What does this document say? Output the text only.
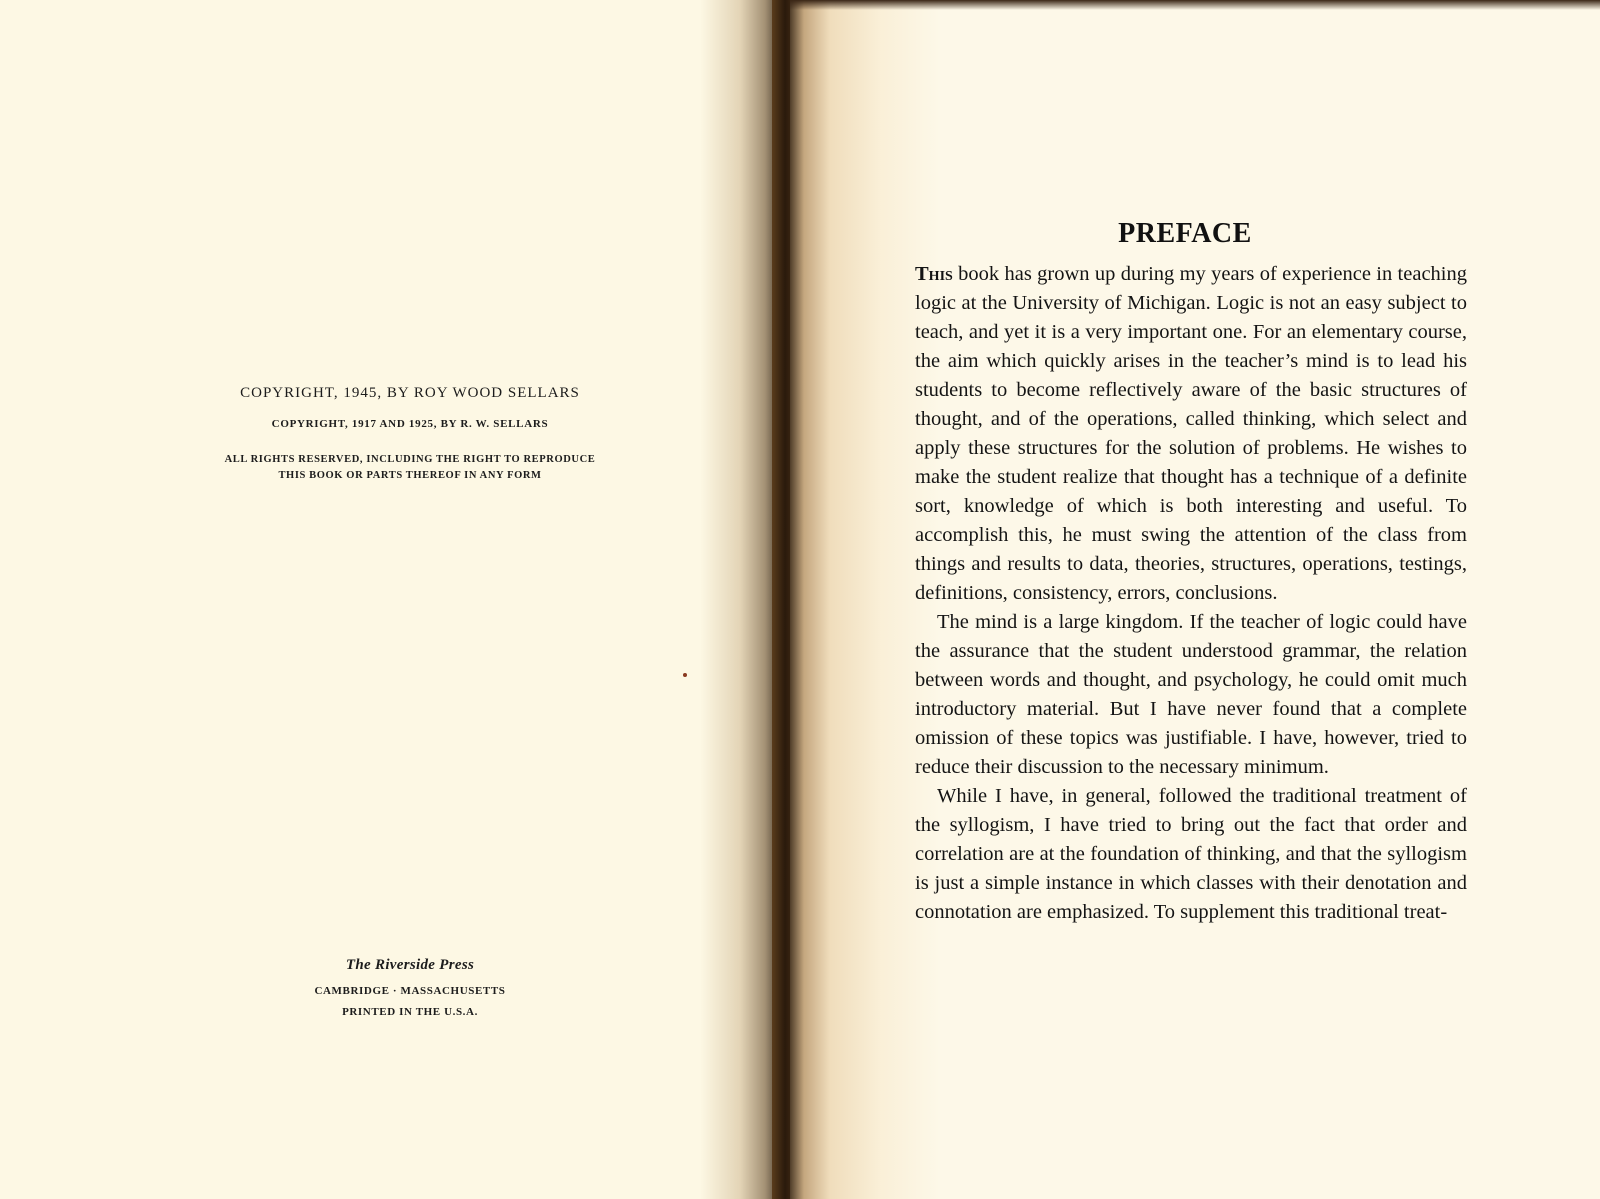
COPYRIGHT, 1945, BY ROY WOOD SELLARS
COPYRIGHT, 1917 AND 1925, BY R. W. SELLARS
ALL RIGHTS RESERVED, INCLUDING THE RIGHT TO REPRODUCE
THIS BOOK OR PARTS THEREOF IN ANY FORM
The Riverside Press
CAMBRIDGE · MASSACHUSETTS
PRINTED IN THE U.S.A.
PREFACE

This book has grown up during my years of experience in teaching logic at the University of Michigan. Logic is not an easy subject to teach, and yet it is a very important one. For an elementary course, the aim which quickly arises in the teacher’s mind is to lead his students to become reflectively aware of the basic structures of thought, and of the operations, called thinking, which select and apply these structures for the solution of problems. He wishes to make the student realize that thought has a technique of a definite sort, knowledge of which is both interesting and useful. To accomplish this, he must swing the attention of the class from things and results to data, theories, structures, operations, testings, definitions, consistency, errors, conclusions.

The mind is a large kingdom. If the teacher of logic could have the assurance that the student understood grammar, the relation between words and thought, and psychology, he could omit much introductory material. But I have never found that a complete omission of these topics was justifiable. I have, however, tried to reduce their discussion to the necessary minimum.

While I have, in general, followed the traditional treatment of the syllogism, I have tried to bring out the fact that order and correlation are at the foundation of thinking, and that the syllogism is just a simple instance in which classes with their denotation and connotation are emphasized. To supplement this traditional treat-
